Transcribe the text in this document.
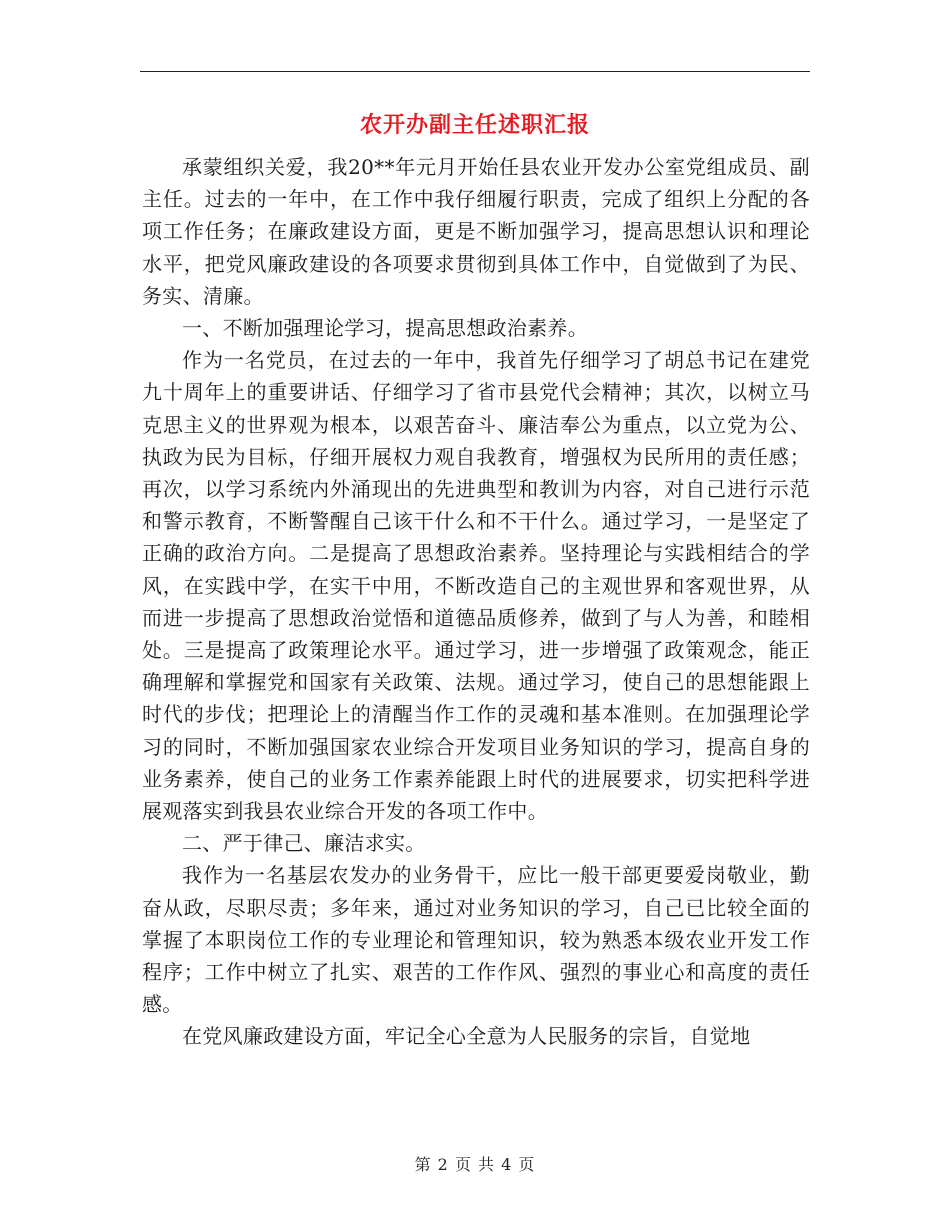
农开办副主任述职汇报

承蒙组织关爱，我20**年元月开始任县农业开发办公室党组成员、副主任。过去的一年中，在工作中我仔细履行职责，完成了组织上分配的各项工作任务；在廉政建设方面，更是不断加强学习，提高思想认识和理论水平，把党风廉政建设的各项要求贯彻到具体工作中，自觉做到了为民、务实、清廉。

一、不断加强理论学习，提高思想政治素养。

作为一名党员，在过去的一年中，我首先仔细学习了胡总书记在建党九十周年上的重要讲话、仔细学习了省市县党代会精神；其次，以树立马克思主义的世界观为根本，以艰苦奋斗、廉洁奉公为重点，以立党为公、执政为民为目标，仔细开展权力观自我教育，增强权为民所用的责任感；再次，以学习系统内外涌现出的先进典型和教训为内容，对自己进行示范和警示教育，不断警醒自己该干什么和不干什么。通过学习，一是坚定了正确的政治方向。二是提高了思想政治素养。坚持理论与实践相结合的学风，在实践中学，在实干中用，不断改造自己的主观世界和客观世界，从而进一步提高了思想政治觉悟和道德品质修养，做到了与人为善，和睦相处。三是提高了政策理论水平。通过学习，进一步增强了政策观念，能正确理解和掌握党和国家有关政策、法规。通过学习，使自己的思想能跟上时代的步伐；把理论上的清醒当作工作的灵魂和基本准则。在加强理论学习的同时，不断加强国家农业综合开发项目业务知识的学习，提高自身的业务素养，使自己的业务工作素养能跟上时代的进展要求，切实把科学进展观落实到我县农业综合开发的各项工作中。

二、严于律己、廉洁求实。

我作为一名基层农发办的业务骨干，应比一般干部更要爱岗敬业，勤奋从政，尽职尽责；多年来，通过对业务知识的学习，自己已比较全面的掌握了本职岗位工作的专业理论和管理知识，较为熟悉本级农业开发工作程序；工作中树立了扎实、艰苦的工作作风、强烈的事业心和高度的责任感。

在党风廉政建设方面，牢记全心全意为人民服务的宗旨，自觉地

第 2 页 共 4 页
